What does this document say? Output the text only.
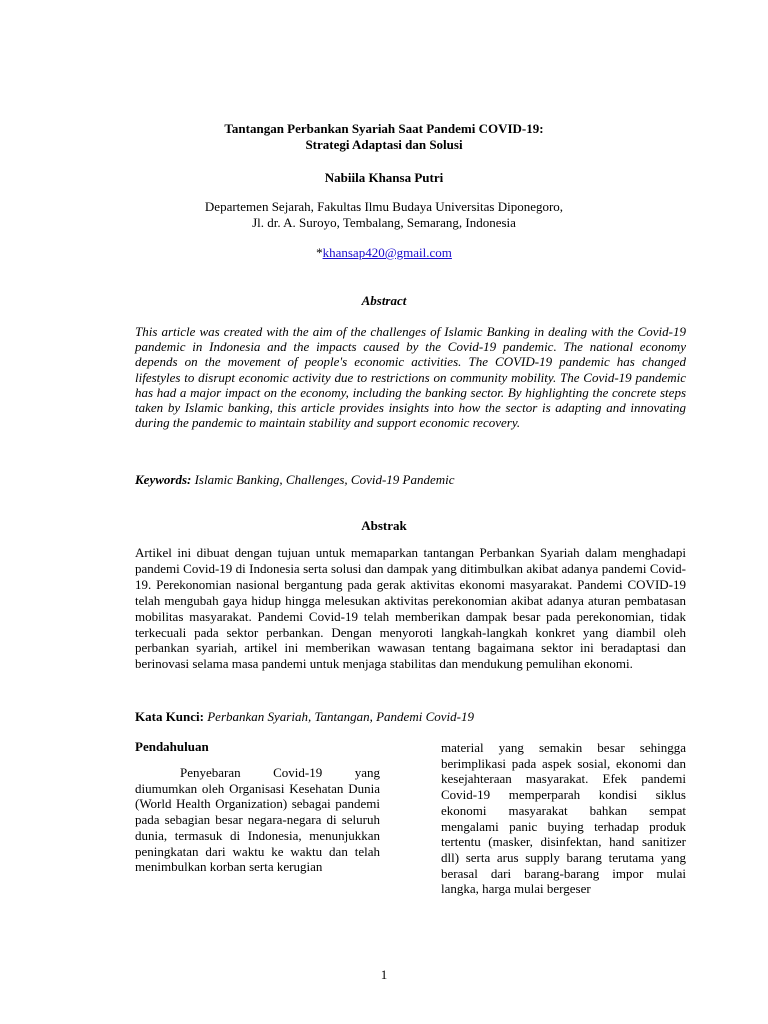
Tantangan Perbankan Syariah Saat Pandemi COVID-19:
Strategi Adaptasi dan Solusi
Nabiila Khansa Putri
Departemen Sejarah, Fakultas Ilmu Budaya Universitas Diponegoro,
Jl. dr. A. Suroyo, Tembalang, Semarang, Indonesia
*khansap420@gmail.com
Abstract
This article was created with the aim of the challenges of Islamic Banking in dealing with the Covid-19 pandemic in Indonesia and the impacts caused by the Covid-19 pandemic. The national economy depends on the movement of people's economic activities. The COVID-19 pandemic has changed lifestyles to disrupt economic activity due to restrictions on community mobility. The Covid-19 pandemic has had a major impact on the economy, including the banking sector. By highlighting the concrete steps taken by Islamic banking, this article provides insights into how the sector is adapting and innovating during the pandemic to maintain stability and support economic recovery.
Keywords: Islamic Banking, Challenges, Covid-19 Pandemic
Abstrak
Artikel ini dibuat dengan tujuan untuk memaparkan tantangan Perbankan Syariah dalam menghadapi pandemi Covid-19 di Indonesia serta solusi dan dampak yang ditimbulkan akibat adanya pandemi Covid-19. Perekonomian nasional bergantung pada gerak aktivitas ekonomi masyarakat. Pandemi COVID-19 telah mengubah gaya hidup hingga melesukan aktivitas perekonomian akibat adanya aturan pembatasan mobilitas masyarakat. Pandemi Covid-19 telah memberikan dampak besar pada perekonomian, tidak terkecuali pada sektor perbankan. Dengan menyoroti langkah-langkah konkret yang diambil oleh perbankan syariah, artikel ini memberikan wawasan tentang bagaimana sektor ini beradaptasi dan berinovasi selama masa pandemi untuk menjaga stabilitas dan mendukung pemulihan ekonomi.
Kata Kunci: Perbankan Syariah, Tantangan, Pandemi Covid-19
Pendahuluan
Penyebaran Covid-19 yang diumumkan oleh Organisasi Kesehatan Dunia (World Health Organization) sebagai pandemi pada sebagian besar negara-negara di seluruh dunia, termasuk di Indonesia, menunjukkan peningkatan dari waktu ke waktu dan telah menimbulkan korban serta kerugian
material yang semakin besar sehingga berimplikasi pada aspek sosial, ekonomi dan kesejahteraan masyarakat. Efek pandemi Covid-19 memperparah kondisi siklus ekonomi masyarakat bahkan sempat mengalami panic buying terhadap produk tertentu (masker, disinfektan, hand sanitizer dll) serta arus supply barang terutama yang berasal dari barang-barang impor mulai langka, harga mulai bergeser
1
